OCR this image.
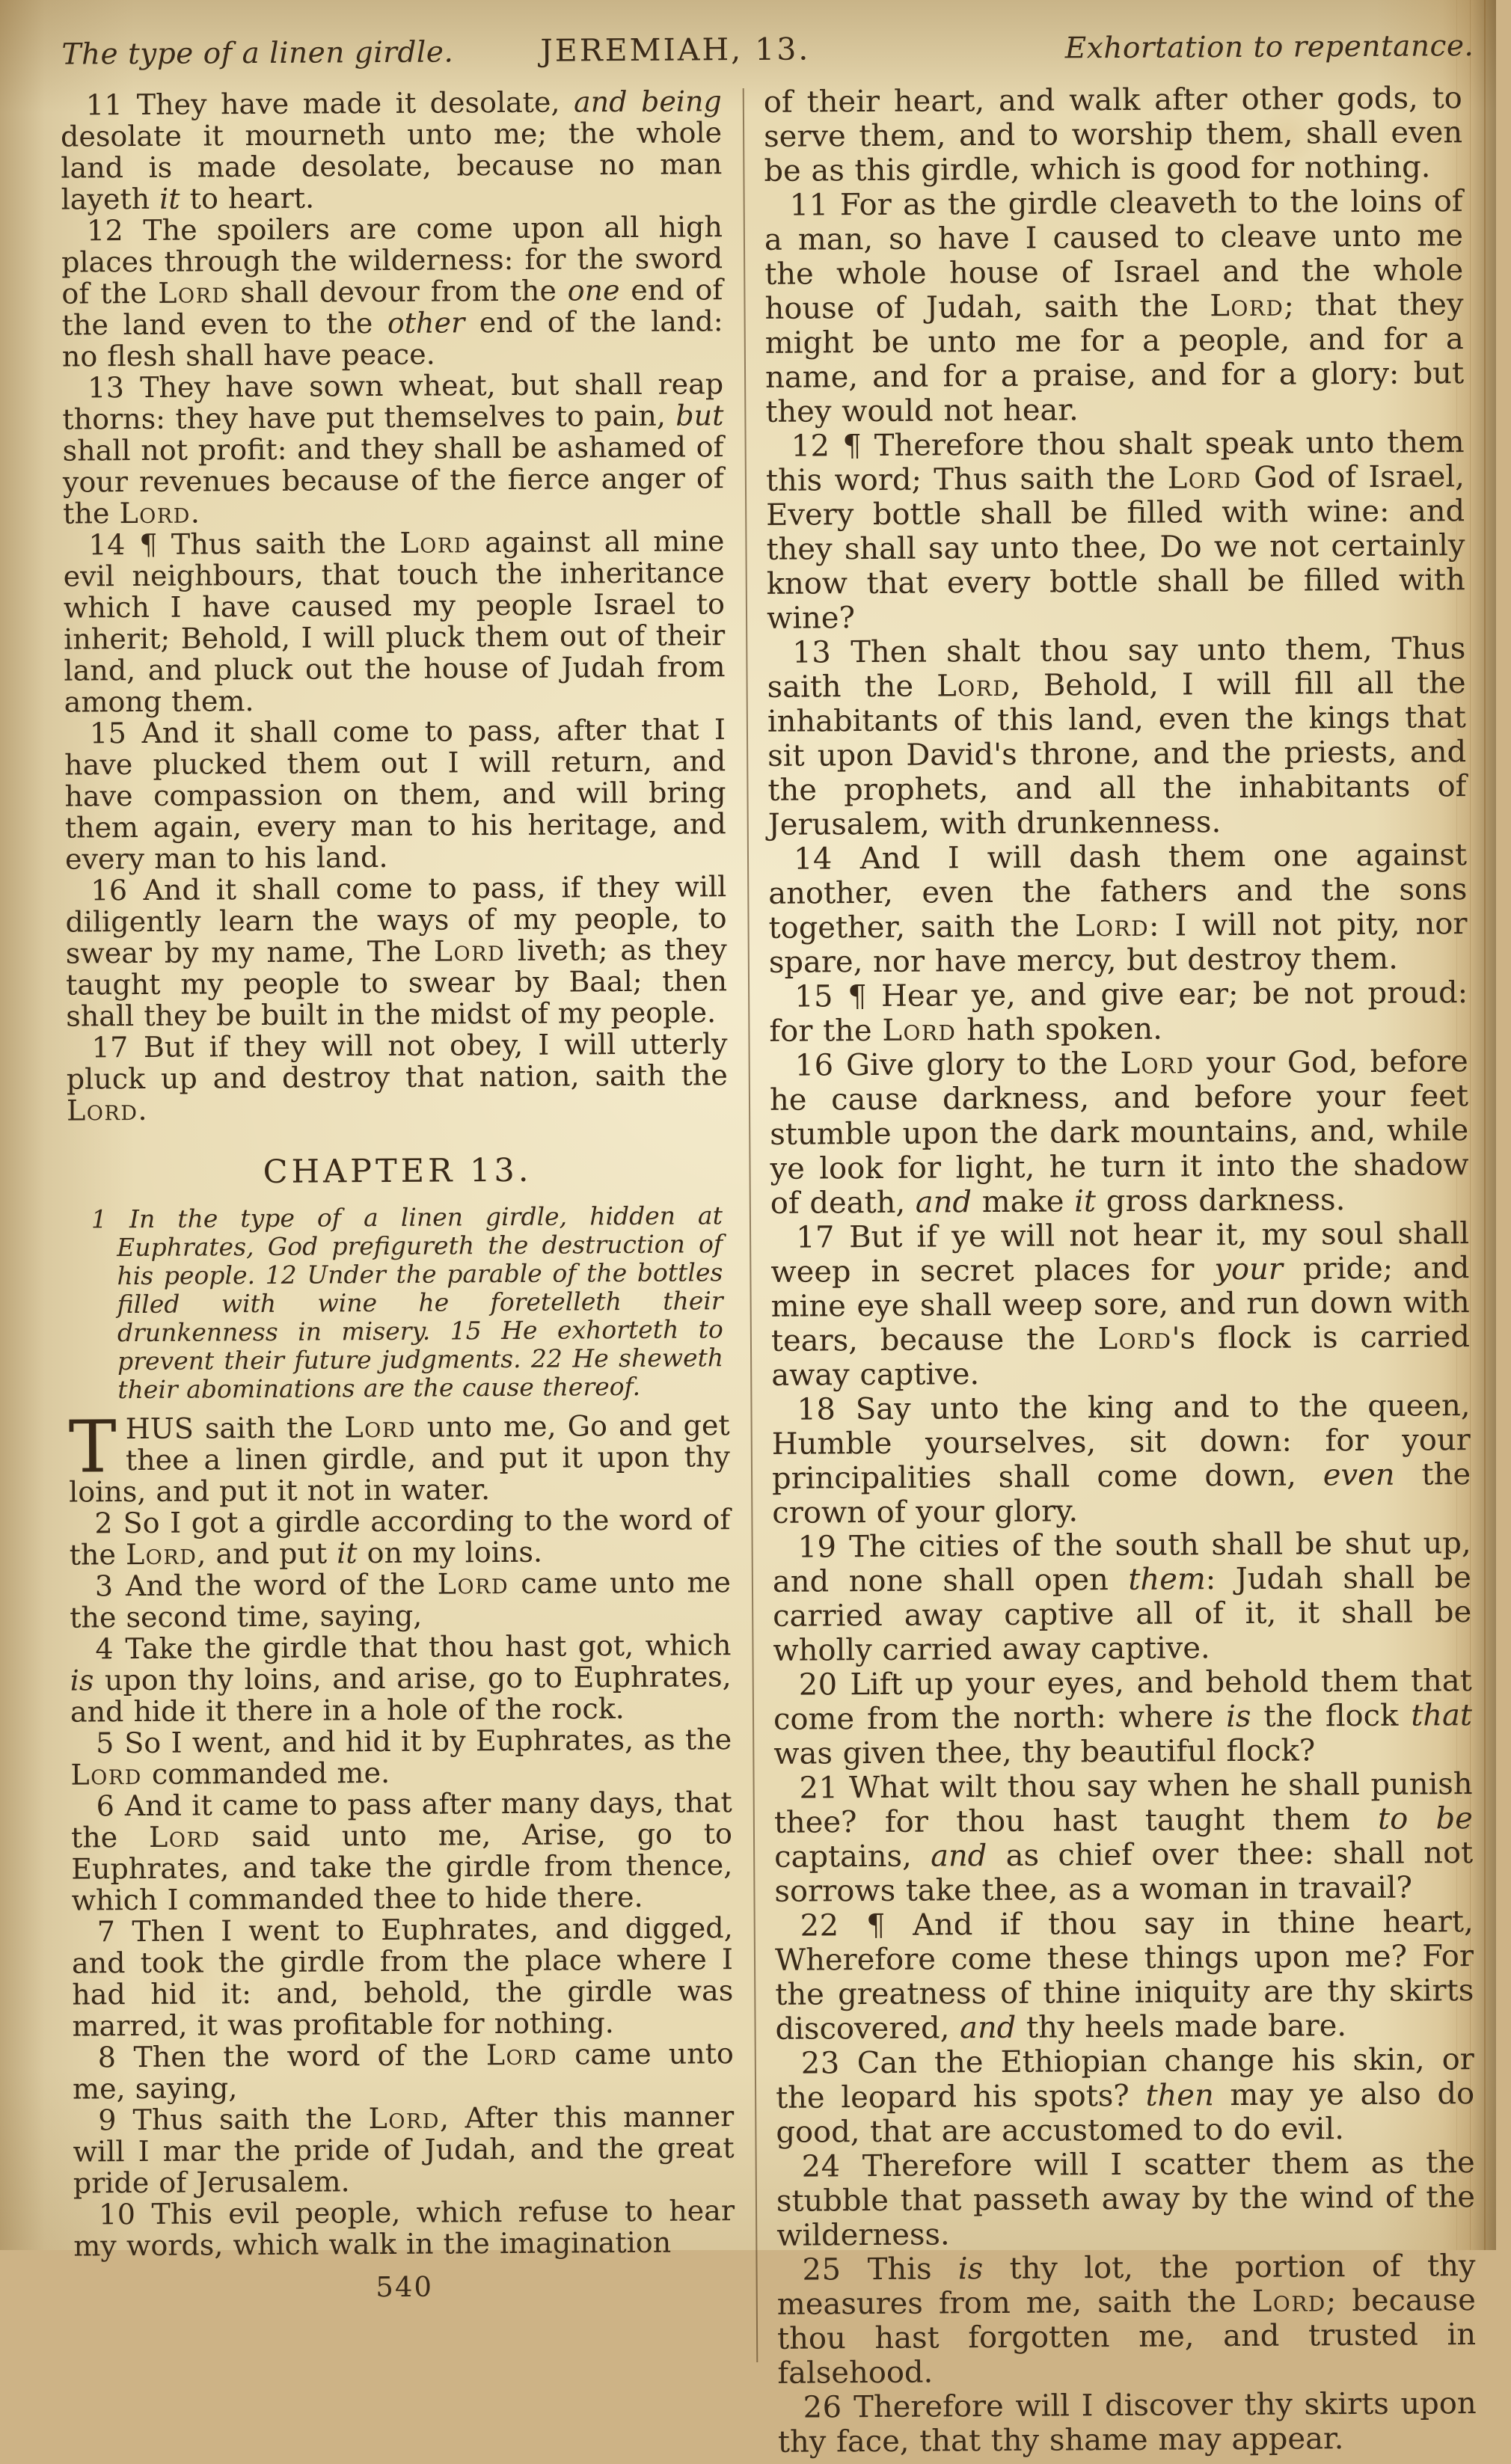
The type of a linen girdle.	JEREMIAH, 13.	Exhortation to repentance.

11 They have made it desolate, and being desolate it mourneth unto me; the whole land is made desolate, because no man layeth it to heart.

12 The spoilers are come upon all high places through the wilderness: for the sword of the Lord shall devour from the one end of the land even to the other end of the land: no flesh shall have peace.

13 They have sown wheat, but shall reap thorns: they have put themselves to pain, but shall not profit: and they shall be ashamed of your revenues because of the fierce anger of the Lord.

14 ¶ Thus saith the Lord against all mine evil neighbours, that touch the inheritance which I have caused my people Israel to inherit; Behold, I will pluck them out of their land, and pluck out the house of Judah from among them.

15 And it shall come to pass, after that I have plucked them out I will return, and have compassion on them, and will bring them again, every man to his heritage, and every man to his land.

16 And it shall come to pass, if they will diligently learn the ways of my people, to swear by my name, The Lord liveth; as they taught my people to swear by Baal; then shall they be built in the midst of my people.

17 But if they will not obey, I will utterly pluck up and destroy that nation, saith the Lord.

CHAPTER 13.

1 In the type of a linen girdle, hidden at Euphrates, God prefigureth the destruction of his people. 12 Under the parable of the bottles filled with wine he foretelleth their drunkenness in misery. 15 He exhorteth to prevent their future judgments. 22 He sheweth their abominations are the cause thereof.

THUS saith the Lord unto me, Go and get thee a linen girdle, and put it upon thy loins, and put it not in water.

2 So I got a girdle according to the word of the Lord, and put it on my loins.

3 And the word of the Lord came unto me the second time, saying,

4 Take the girdle that thou hast got, which is upon thy loins, and arise, go to Euphrates, and hide it there in a hole of the rock.

5 So I went, and hid it by Euphrates, as the Lord commanded me.

6 And it came to pass after many days, that the Lord said unto me, Arise, go to Euphrates, and take the girdle from thence, which I commanded thee to hide there.

7 Then I went to Euphrates, and digged, and took the girdle from the place where I had hid it: and, behold, the girdle was marred, it was profitable for nothing.

8 Then the word of the Lord came unto me, saying,

9 Thus saith the Lord, After this manner will I mar the pride of Judah, and the great pride of Jerusalem.

10 This evil people, which refuse to hear my words, which walk in the imagination

540

of their heart, and walk after other gods, to serve them, and to worship them, shall even be as this girdle, which is good for nothing.

11 For as the girdle cleaveth to the loins of a man, so have I caused to cleave unto me the whole house of Israel and the whole house of Judah, saith the Lord; that they might be unto me for a people, and for a name, and for a praise, and for a glory: but they would not hear.

12 ¶ Therefore thou shalt speak unto them this word; Thus saith the Lord God of Israel, Every bottle shall be filled with wine: and they shall say unto thee, Do we not certainly know that every bottle shall be filled with wine?

13 Then shalt thou say unto them, Thus saith the Lord, Behold, I will fill all the inhabitants of this land, even the kings that sit upon David's throne, and the priests, and the prophets, and all the inhabitants of Jerusalem, with drunkenness.

14 And I will dash them one against another, even the fathers and the sons together, saith the Lord: I will not pity, nor spare, nor have mercy, but destroy them.

15 ¶ Hear ye, and give ear; be not proud: for the Lord hath spoken.

16 Give glory to the Lord your God, before he cause darkness, and before your feet stumble upon the dark mountains, and, while ye look for light, he turn it into the shadow of death, and make it gross darkness.

17 But if ye will not hear it, my soul shall weep in secret places for your pride; and mine eye shall weep sore, and run down with tears, because the Lord's flock is carried away captive.

18 Say unto the king and to the queen, Humble yourselves, sit down: for your principalities shall come down, even the crown of your glory.

19 The cities of the south shall be shut up, and none shall open them: Judah shall be carried away captive all of it, it shall be wholly carried away captive.

20 Lift up your eyes, and behold them that come from the north: where is the flock that was given thee, thy beautiful flock?

21 What wilt thou say when he shall punish thee? for thou hast taught them to be captains, and as chief over thee: shall not sorrows take thee, as a woman in travail?

22 ¶ And if thou say in thine heart, Wherefore come these things upon me? For the greatness of thine iniquity are thy skirts discovered, and thy heels made bare.

23 Can the Ethiopian change his skin, or the leopard his spots? then may ye also do good, that are accustomed to do evil.

24 Therefore will I scatter them as the stubble that passeth away by the wind of the wilderness.

25 This is thy lot, the portion of thy measures from me, saith the Lord; because thou hast forgotten me, and trusted in falsehood.

26 Therefore will I discover thy skirts upon thy face, that thy shame may appear.
